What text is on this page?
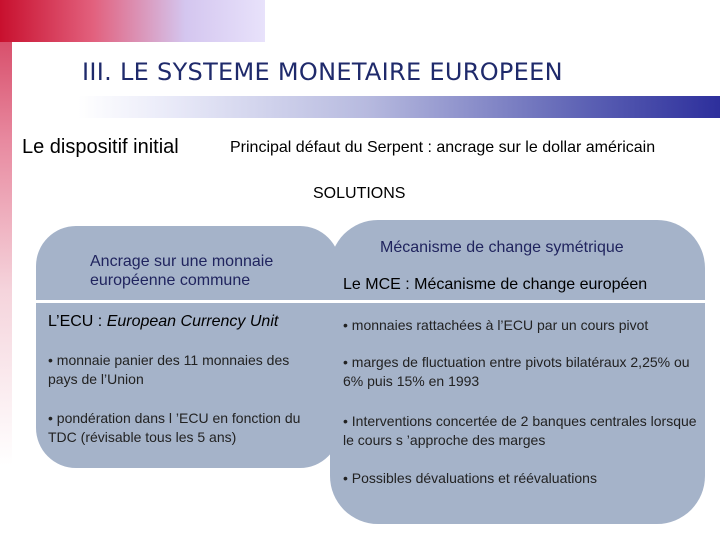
III. LE SYSTEME MONETAIRE EUROPEEN
Le dispositif initial	Principal défaut du Serpent : ancrage sur le dollar américain
SOLUTIONS
Ancrage sur une monnaie européenne commune
Mécanisme de change symétrique
Le MCE : Mécanisme de change européen
L’ECU : European Currency Unit
• monnaie panier des 11 monnaies des pays de l’Union
• pondération dans l ’ECU en fonction du TDC (révisable tous les 5 ans)
• monnaies rattachées à l’ECU par un cours pivot
• marges de fluctuation entre pivots bilatéraux 2,25% ou 6% puis 15% en 1993
• Interventions concertée de 2 banques centrales lorsque le cours s ’approche des marges
• Possibles dévaluations et réévaluations
